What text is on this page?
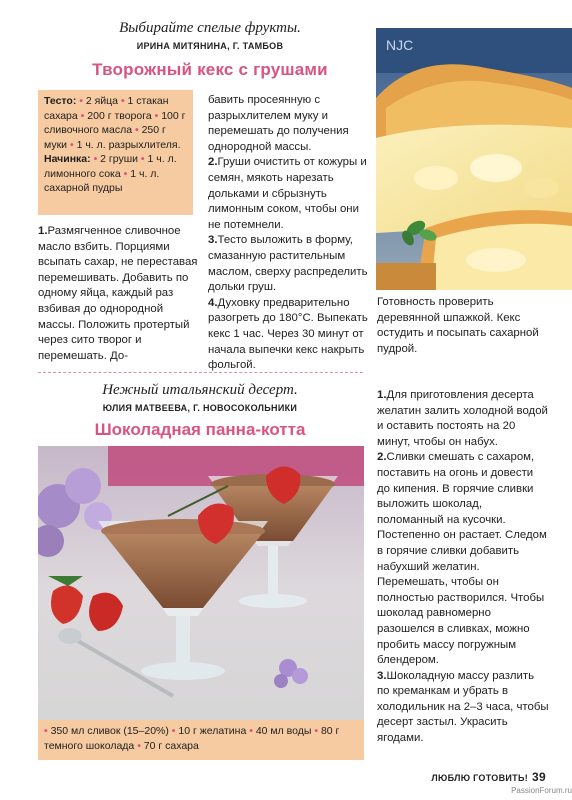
Выбирайте спелые фрукты.
ИРИНА МИТЯНИНА, Г. ТАМБОВ
Творожный кекс с грушами
Тесто: • 2 яйца • 1 стакан сахара • 200 г творога • 100 г сливочного масла • 250 г муки • 1 ч. л. разрыхлителя.
Начинка: • 2 груши • 1 ч. л. лимонного сока • 1 ч. л. сахарной пудры

1.Размягченное сливочное масло взбить. Порциями всыпать сахар, не переставая перемешивать. Добавить по одному яйца, каждый раз взбивая до однородной массы. Положить протертый через сито творог и перемешать. До-

бавить просеянную с разрыхлителем муку и перемешать до получения однородной массы.

2.Груши очистить от кожуры и семян, мякоть нарезать дольками и сбрызнуть лимонным соком, чтобы они не потемнели.

3.Тесто выложить в форму, смазанную растительным маслом, сверху распределить дольки груш.

4.Духовку предварительно разогреть до 180°С. Выпекать кекс 1 час. Через 30 минут от начала выпечки кекс накрыть фольгой.

NJC
Готовность проверить деревянной шпажкой. Кекс остудить и посыпать сахарной пудрой.
Нежный итальянский десерт.
ЮЛИЯ МАТВЕЕВА, Г. НОВОСОКОЛЬНИКИ
Шоколадная панна-котта

1.Для приготовления десерта желатин залить холодной водой и оставить постоять на 20 минут, чтобы он набух.

2.Сливки смешать с сахаром, поставить на огонь и довести до кипения. В горячие сливки выложить шоколад, поломанный на кусочки. Постепенно он растает. Следом в горячие сливки добавить набухший желатин. Перемешать, чтобы он полностью растворился. Чтобы шоколад равномерно разошелся в сливках, можно пробить массу погружным блендером.

3.Шоколадную массу разлить по креманкам и убрать в холодильник на 2–3 часа, чтобы десерт застыл. Украсить ягодами.

• 350 мл сливок (15–20%) • 10 г желатина • 40 мл воды • 80 г темного шоколада • 70 г сахара
ЛЮБЛЮ ГОТОВИТЬ! 39
PassionForum.ru
